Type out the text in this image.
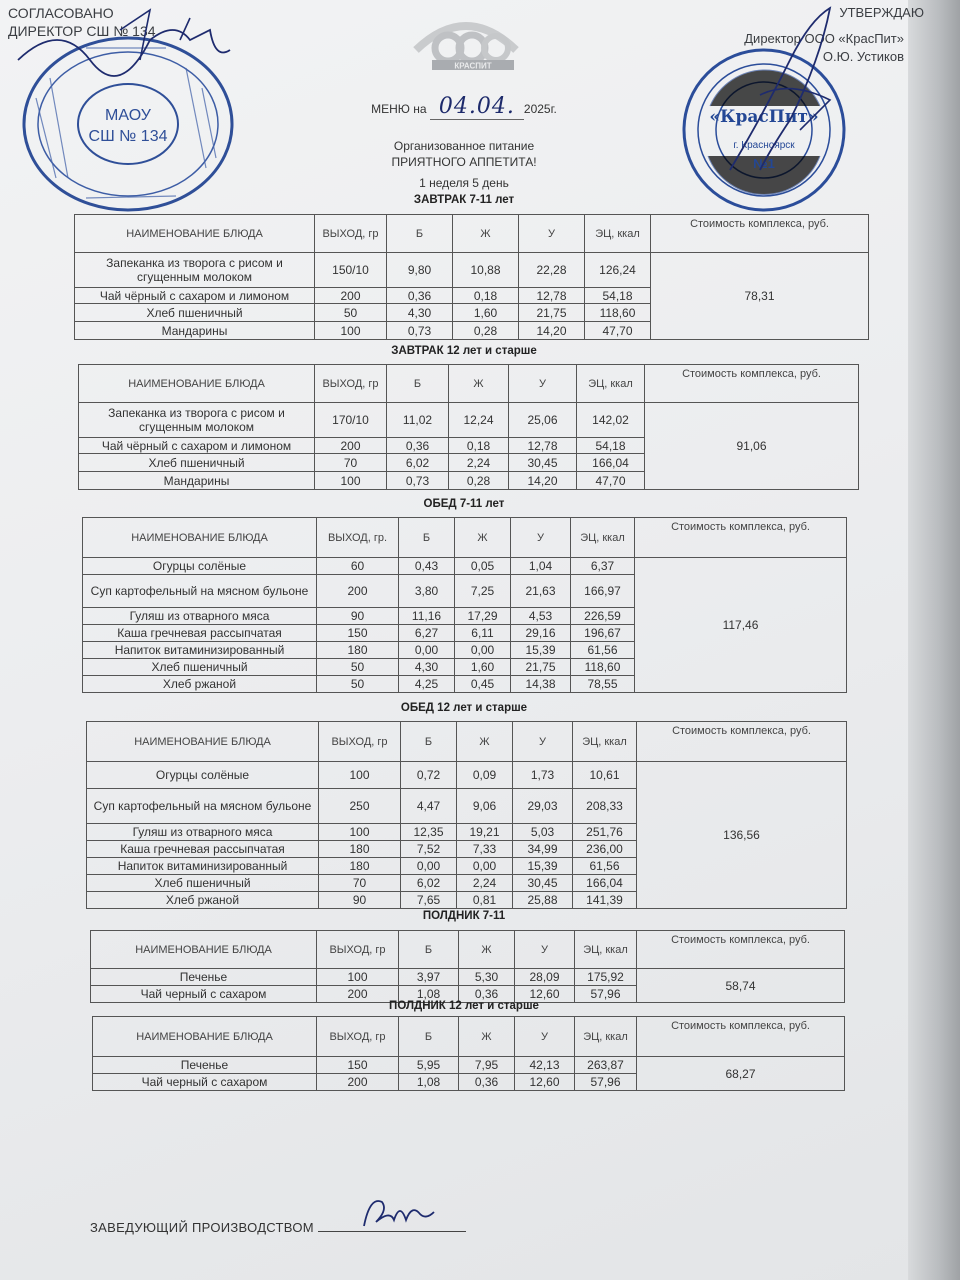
СОГЛАСОВАНО
ДИРЕКТОР СШ № 134
УТВЕРЖДАЮ
Директор ООО «КрасПит»
О.Ю. Устиков
КРАСПИТ
МАОУ
СШ № 134
«КрасПит»
г. Красноярск
№1
МЕНЮ на 04.04. 2025г.
Организованное питание
ПРИЯТНОГО АППЕТИТА!
1 неделя 5 день
ЗАВТРАК 7-11 лет
НАИМЕНОВАНИЕ БЛЮДА	ВЫХОД, гр	Б	Ж	У	ЭЦ, ккал	Стоимость комплекса, руб.
Запеканка из творога с рисом и сгущенным молоком	150/10	9,80	10,88	22,28	126,24	78,31
Чай чёрный с сахаром и лимоном	200	0,36	0,18	12,78	54,18	
Хлеб пшеничный	50	4,30	1,60	21,75	118,60	
Мандарины	100	0,73	0,28	14,20	47,70	
ЗАВТРАК 12 лет и старше
НАИМЕНОВАНИЕ БЛЮДА	ВЫХОД, гр	Б	Ж	У	ЭЦ, ккал	Стоимость комплекса, руб.
Запеканка из творога с рисом и сгущенным молоком	170/10	11,02	12,24	25,06	142,02	91,06
Чай чёрный с сахаром и лимоном	200	0,36	0,18	12,78	54,18	
Хлеб пшеничный	70	6,02	2,24	30,45	166,04	
Мандарины	100	0,73	0,28	14,20	47,70	
ОБЕД 7-11 лет
НАИМЕНОВАНИЕ БЛЮДА	ВЫХОД, гр.	Б	Ж	У	ЭЦ, ккал	Стоимость комплекса, руб.
Огурцы солёные	60	0,43	0,05	1,04	6,37	117,46
Суп картофельный на мясном бульоне	200	3,80	7,25	21,63	166,97	
Гуляш из отварного мяса	90	11,16	17,29	4,53	226,59	
Каша гречневая рассыпчатая	150	6,27	6,11	29,16	196,67	
Напиток витаминизированный	180	0,00	0,00	15,39	61,56	
Хлеб пшеничный	50	4,30	1,60	21,75	118,60	
Хлеб ржаной	50	4,25	0,45	14,38	78,55	
ОБЕД 12 лет и старше
НАИМЕНОВАНИЕ БЛЮДА	ВЫХОД, гр	Б	Ж	У	ЭЦ, ккал	Стоимость комплекса, руб.
Огурцы солёные	100	0,72	0,09	1,73	10,61	136,56
Суп картофельный на мясном бульоне	250	4,47	9,06	29,03	208,33	
Гуляш из отварного мяса	100	12,35	19,21	5,03	251,76	
Каша гречневая рассыпчатая	180	7,52	7,33	34,99	236,00	
Напиток витаминизированный	180	0,00	0,00	15,39	61,56	
Хлеб пшеничный	70	6,02	2,24	30,45	166,04	
Хлеб ржаной	90	7,65	0,81	25,88	141,39	
ПОЛДНИК 7-11
НАИМЕНОВАНИЕ БЛЮДА	ВЫХОД, гр	Б	Ж	У	ЭЦ, ккал	Стоимость комплекса, руб.
Печенье	100	3,97	5,30	28,09	175,92	58,74
Чай черный с сахаром	200	1,08	0,36	12,60	57,96	
ПОЛДНИК 12 лет и старше
НАИМЕНОВАНИЕ БЛЮДА	ВЫХОД, гр	Б	Ж	У	ЭЦ, ккал	Стоимость комплекса, руб.
Печенье	150	5,95	7,95	42,13	263,87	68,27
Чай черный с сахаром	200	1,08	0,36	12,60	57,96	
ЗАВЕДУЮЩИЙ ПРОИЗВОДСТВОМ
